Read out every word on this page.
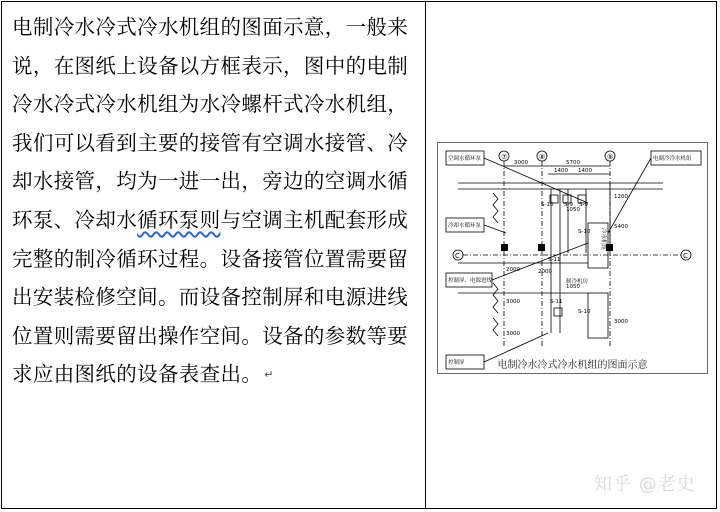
电制冷水冷式冷水机组的图面示意，一般来说，在图纸上设备以方框表示，图中的电制冷水冷式冷水机组为水冷螺杆式冷水机组，我们可以看到主要的接管有空调水接管、冷却水接管，均为一进一出，旁边的空调水循环泵、冷却水循环泵则与空调主机配套形成完整的制冷循环过程。设备接管位置需要留出安装检修空间。而设备控制屏和电源进线位置则需要留出操作空间。设备的参数等要求应由图纸的设备表查出。 ↵

⑦	⑧	⑨
C	C
3000	5700
1400 1400
2000
1050
1050
1200
5400
2000
3000
3000
3000
S-10 S-9 S-9
S-11
S-11
S-10
S-10
空调水循环泵
冷却水循环泵
控制屏、电源进线
控制屏
电制冷冷水机组
制冷机房
冷水机组
电制冷水冷式冷水机组的图面示意
知乎 @老史
